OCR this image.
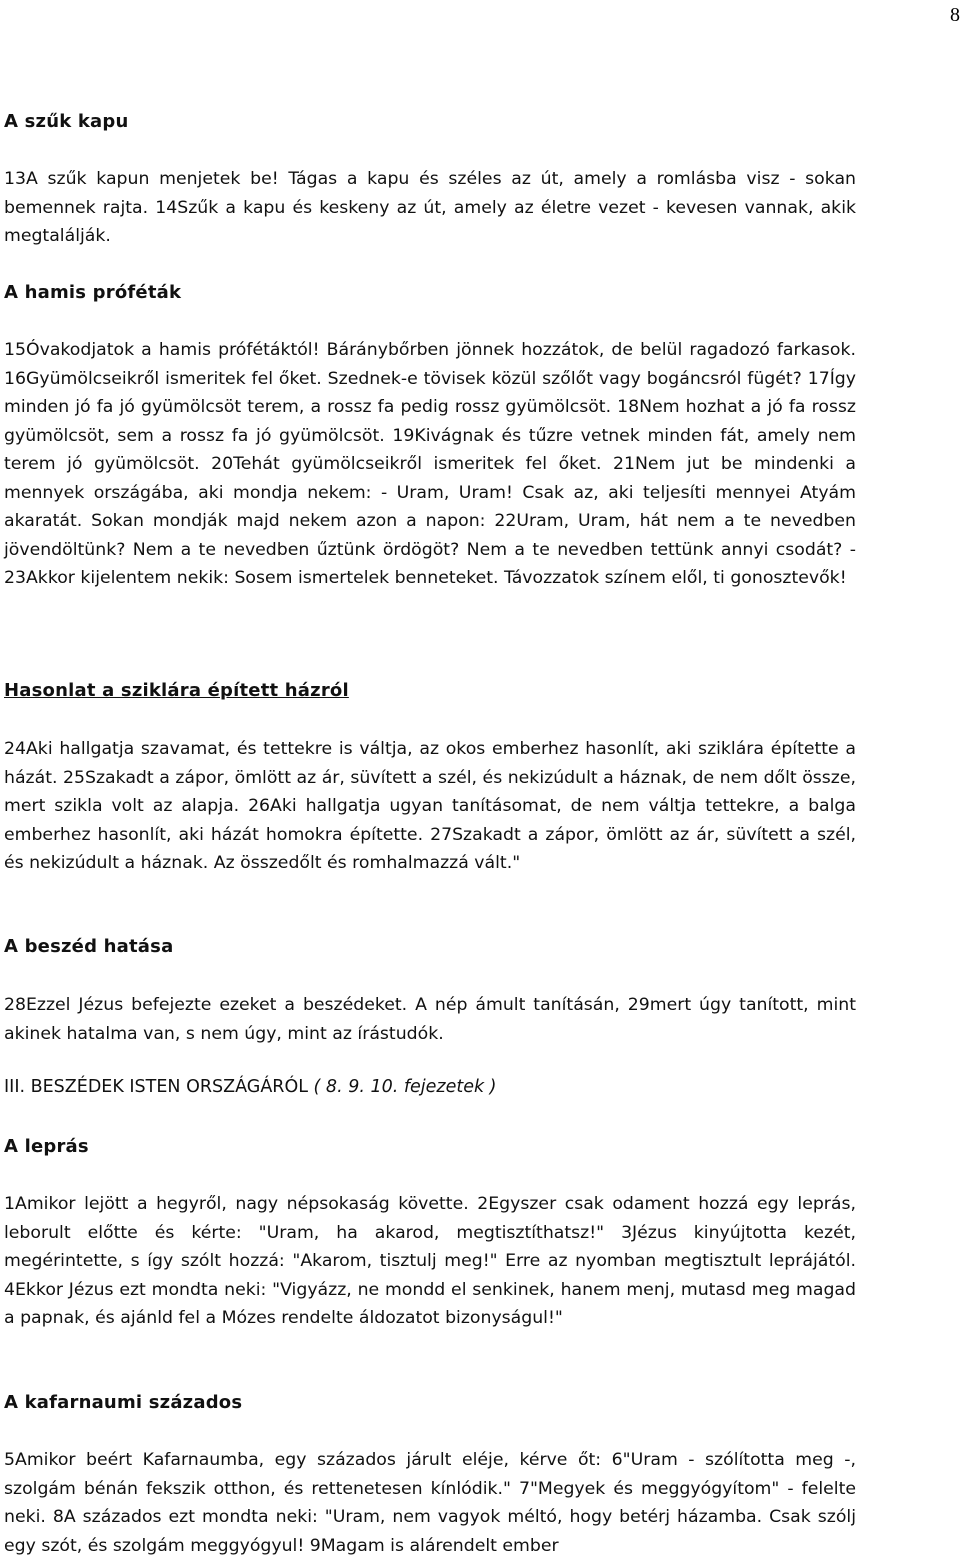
8
A szűk kapu
13A szűk kapun menjetek be! Tágas a kapu és széles az út, amely a romlásba visz - sokan bemennek rajta. 14Szűk a kapu és keskeny az út, amely az életre vezet - kevesen vannak, akik megtalálják.
A hamis próféták
15Óvakodjatok a hamis prófétáktól! Báránybőrben jönnek hozzátok, de belül ragadozó farkasok. 16Gyümölcseikről ismeritek fel őket. Szednek-e tövisek közül szőlőt vagy bogáncsról fügét? 17Így minden jó fa jó gyümölcsöt terem, a rossz fa pedig rossz gyümölcsöt. 18Nem hozhat a jó fa rossz gyümölcsöt, sem a rossz fa jó gyümölcsöt. 19Kivágnak és tűzre vetnek minden fát, amely nem terem jó gyümölcsöt. 20Tehát gyümölcseikről ismeritek fel őket. 21Nem jut be mindenki a mennyek országába, aki mondja nekem: - Uram, Uram! Csak az, aki teljesíti mennyei Atyám akaratát. Sokan mondják majd nekem azon a napon: 22Uram, Uram, hát nem a te nevedben jövendöltünk? Nem a te nevedben űztünk ördögöt? Nem a te nevedben tettünk annyi csodát? - 23Akkor kijelentem nekik: Sosem ismertelek benneteket. Távozzatok színem elől, ti gonosztevők!
Hasonlat a sziklára épített házról
24Aki hallgatja szavamat, és tettekre is váltja, az okos emberhez hasonlít, aki sziklára építette a házát. 25Szakadt a zápor, ömlött az ár, süvített a szél, és nekizúdult a háznak, de nem dőlt össze, mert szikla volt az alapja. 26Aki hallgatja ugyan tanításomat, de nem váltja tettekre, a balga emberhez hasonlít, aki házát homokra építette. 27Szakadt a zápor, ömlött az ár, süvített a szél, és nekizúdult a háznak. Az összedőlt és romhalmazzá vált."
A beszéd hatása
28Ezzel Jézus befejezte ezeket a beszédeket. A nép ámult tanításán, 29mert úgy tanított, mint akinek hatalma van, s nem úgy, mint az írástudók.
III. BESZÉDEK ISTEN ORSZÁGÁRÓL ( 8. 9. 10. fejezetek )
A leprás
1Amikor lejött a hegyről, nagy népsokaság követte. 2Egyszer csak odament hozzá egy leprás, leborult előtte és kérte: "Uram, ha akarod, megtisztíthatsz!" 3Jézus kinyújtotta kezét, megérintette, s így szólt hozzá: "Akarom, tisztulj meg!" Erre az nyomban megtisztult leprájától. 4Ekkor Jézus ezt mondta neki: "Vigyázz, ne mondd el senkinek, hanem menj, mutasd meg magad a papnak, és ajánld fel a Mózes rendelte áldozatot bizonyságul!"
A kafarnaumi százados
5Amikor beért Kafarnaumba, egy százados járult eléje, kérve őt: 6"Uram - szólította meg -, szolgám bénán fekszik otthon, és rettenetesen kínlódik." 7"Megyek és meggyógyítom" - felelte neki. 8A százados ezt mondta neki: "Uram, nem vagyok méltó, hogy betérj házamba. Csak szólj egy szót, és szolgám meggyógyul! 9Magam is alárendelt ember
